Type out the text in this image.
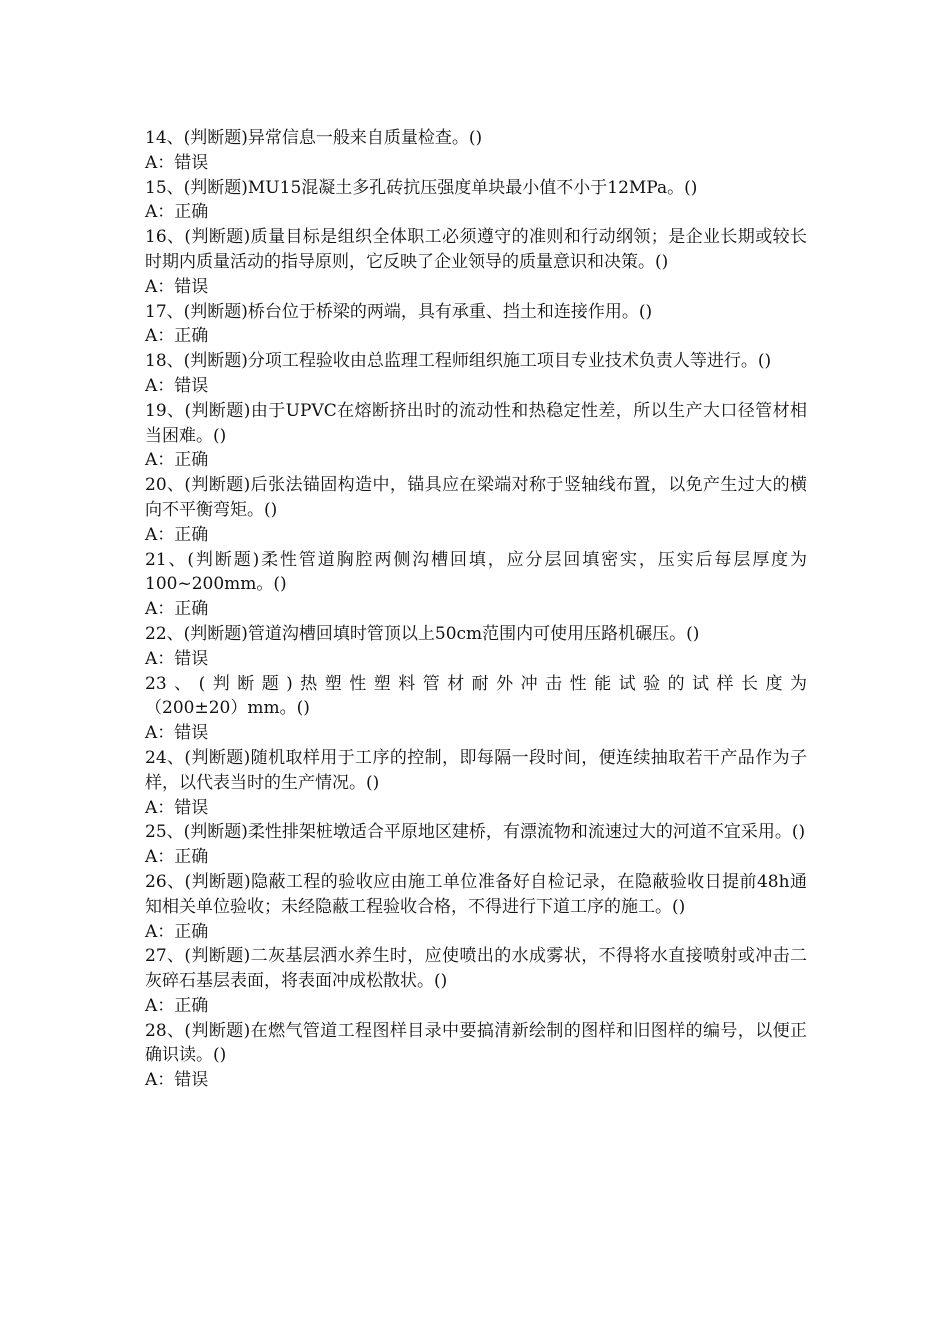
14、(判断题)异常信息一般来自质量检查。()

A：错误

15、(判断题)MU15混凝土多孔砖抗压强度单块最小值不小于12MPa。()

A：正确

16、(判断题)质量目标是组织全体职工必须遵守的准则和行动纲领；是企业长期或较长时期内质量活动的指导原则，它反映了企业领导的质量意识和决策。()

A：错误

17、(判断题)桥台位于桥梁的两端，具有承重、挡土和连接作用。()

A：正确

18、(判断题)分项工程验收由总监理工程师组织施工项目专业技术负责人等进行。()

A：错误

19、(判断题)由于UPVC在熔断挤出时的流动性和热稳定性差，所以生产大口径管材相当困难。()

A：正确

20、(判断题)后张法锚固构造中，锚具应在梁端对称于竖轴线布置，以免产生过大的横向不平衡弯矩。()

A：正确

21、(判断题)柔性管道胸腔两侧沟槽回填，应分层回填密实，压实后每层厚度为100~200mm。()

A：正确

22、(判断题)管道沟槽回填时管顶以上50cm范围内可使用压路机碾压。()

A：错误

23、(判断题)热塑性塑料管材耐外冲击性能试验的试样长度为

（200±20）mm。()

A：错误

24、(判断题)随机取样用于工序的控制，即每隔一段时间，便连续抽取若干产品作为子样，以代表当时的生产情况。()

A：错误

25、(判断题)柔性排架桩墩适合平原地区建桥，有漂流物和流速过大的河道不宜采用。()

A：正确

26、(判断题)隐蔽工程的验收应由施工单位准备好自检记录，在隐蔽验收日提前48h通知相关单位验收；未经隐蔽工程验收合格，不得进行下道工序的施工。()

A：正确

27、(判断题)二灰基层洒水养生时，应使喷出的水成雾状，不得将水直接喷射或冲击二灰碎石基层表面，将表面冲成松散状。()

A：正确

28、(判断题)在燃气管道工程图样目录中要搞清新绘制的图样和旧图样的编号，以便正确识读。()

A：错误
